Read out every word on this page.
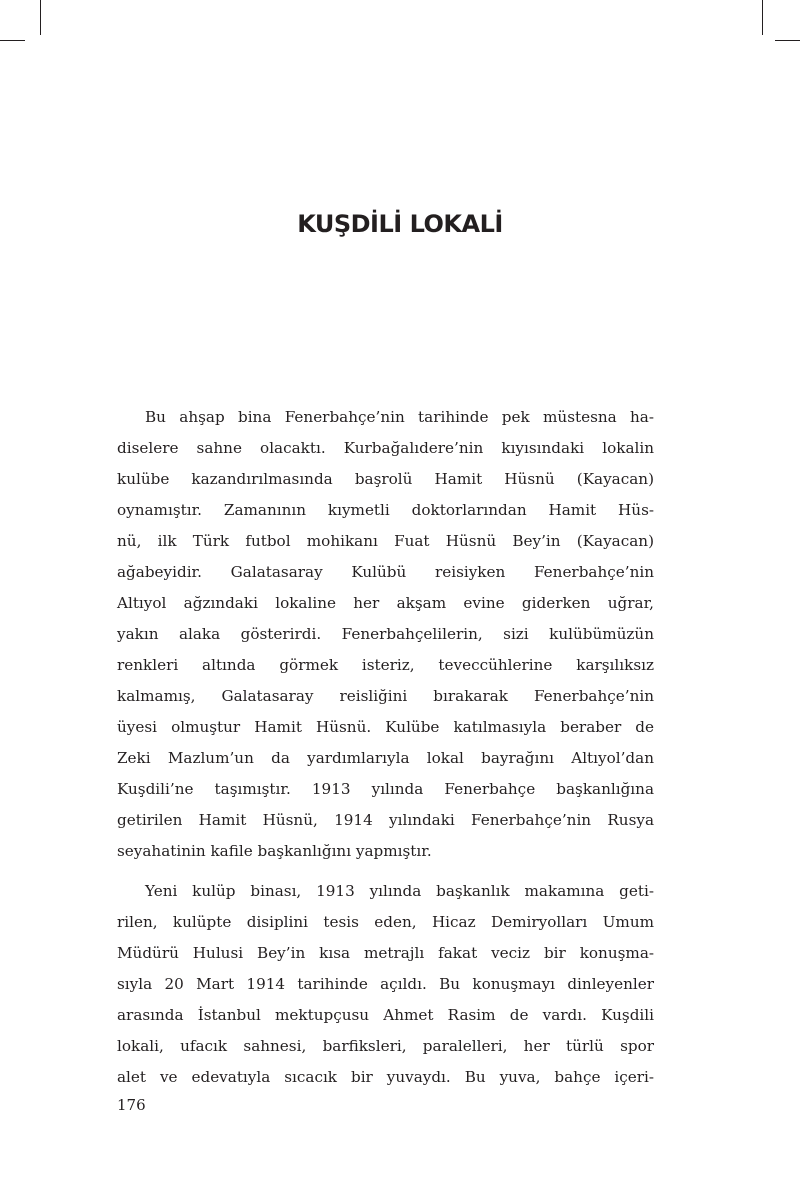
KUŞDİLİ LOKALİ
Bu ahşap bina Fenerbahçe’nin tarihinde pek müstesna ha-
diselere sahne olacaktı. Kurbağalıdere’nin kıyısındaki lokalin
kulübe kazandırılmasında başrolü Hamit Hüsnü (Kayacan)
oynamıştır. Zamanının kıymetli doktorlarından Hamit Hüs-
nü, ilk Türk futbol mohikanı Fuat Hüsnü Bey’in (Kayacan)
ağabeyidir. Galatasaray Kulübü reisiyken Fenerbahçe’nin
Altıyol ağzındaki lokaline her akşam evine giderken uğrar,
yakın alaka gösterirdi. Fenerbahçelilerin, sizi kulübümüzün
renkleri altında görmek isteriz, teveccühlerine karşılıksız
kalmamış, Galatasaray reisliğini bırakarak Fenerbahçe’nin
üyesi olmuştur Hamit Hüsnü. Kulübe katılmasıyla beraber de
Zeki Mazlum’un da yardımlarıyla lokal bayrağını Altıyol’dan
Kuşdili’ne taşımıştır. 1913 yılında Fenerbahçe başkanlığına
getirilen Hamit Hüsnü, 1914 yılındaki Fenerbahçe’nin Rusya
seyahatinin kafile başkanlığını yapmıştır.
Yeni kulüp binası, 1913 yılında başkanlık makamına geti-
rilen, kulüpte disiplini tesis eden, Hicaz Demiryolları Umum
Müdürü Hulusi Bey’in kısa metrajlı fakat veciz bir konuşma-
sıyla 20 Mart 1914 tarihinde açıldı. Bu konuşmayı dinleyenler
arasında İstanbul mektupçusu Ahmet Rasim de vardı. Kuşdili
lokali, ufacık sahnesi, barfiksleri, paralelleri, her türlü spor
alet ve edevatıyla sıcacık bir yuvaydı. Bu yuva, bahçe içeri-
176
